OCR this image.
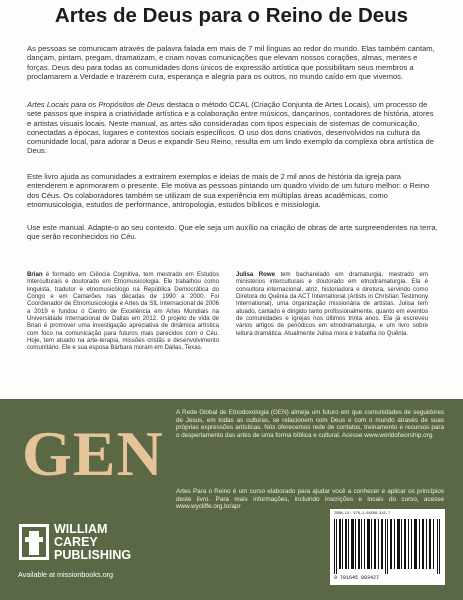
Artes de Deus para o Reino de Deus

As pessoas se comunicam através de palavra falada em mais de 7 mil línguas ao redor do mundo. Elas também cantam, dançam, pintam, pregam, dramatizam, e criam novas comunicações que elevam nossos corações, almas, mentes e forças. Deus deu para todas as comunidades dons únicos de expressão artística que possibilitam seus membros a proclamarem a Verdade e trazerem cura, esperança e alegria para os outros, no mundo caído em que vivemos.

Artes Locais para os Propósitos de Deus destaca o método CCAL (Criação Conjunta de Artes Locais), um processo de sete passos que inspira a criatividade artística e a colaboração entre músicos, dançarinos, contadores de história, atores e artistas visuais locais. Neste manual, as artes são consideradas com tipos especiais de sistemas de comunicação, conectadas a épocas, lugares e contextos sociais específicos. O uso dos dons criativos, desenvolvidos na cultura da comunidade local, para adorar a Deus e expandir Seu Reino, resulta em um lindo exemplo da complexa obra artística de Deus.

Este livro ajuda as comunidades a extrairem exemplos e ideias de mais de 2 mil anos de história da igreja para entenderem e aprimorarem o presente. Ele motiva as pessoas pintando um quadro vívido de um futuro melhor: o Reino dos Céus. Os colaboradores também se utilizam de sua experiência em múltiplas áreas acadêmicas, como etnomusicologia, estudos de performance, antropologia, estudos bíblicos e missiologia.

Use este manual. Adapte-o ao seu contexto. Que ele seja um auxílio na criação de obras de arte surpreendentes na terra, que serão reconhecidos no Céu.

Brian é formado em Ciência Cognitiva, tem mestrado em Estudos Interculturais e doutorado em Etnomusicologia. Ele trabalhou como linguista, tradutor e etnomusicólogo na República Democrática do Congo e em Camarões nas décadas de 1990 a 2000. Foi Coordenador de Etnomusicologia e Artes da SIL Internacional de 2006 a 2019 e fundou o Centro de Excelência em Artes Mundiais na Universidade Internacional de Dallas em 2012. O projeto de vida de Brian é promover uma investigação apreciativa de dinâmica artística com foco na comunicação para futuros mais parecidos com o Céu. Hoje, tem atuado na arte-terapia, missões cristãs e desenvolvimento comunitário. Ele e sua esposa Bárbara moram em Dallas, Texas.

Julisa Rowe tem bacharelado em dramaturgia, mestrado em ministérios interculturais e doutorado em etnodramaturgia. Ela é consultora internacional, atriz, historiadora e diretora, servindo como Diretora do Quênia da ACT International (Artists in Christian Testimony International), uma organização missionária de artistas. Julisa tem atuado, cantado e dirigido tanto profissionalmente, quanto em eventos de comunidades e igrejas nos últimos trinta anos. Ela já escreveu vários artigos de periódicos em etnodramaturgia, e um livro sobre leitura dramática. Atualmente Julisa mora e trabalha no Quênia.

GEN

A Rede Global de Etnodoxologia (GEN) almeja um futuro em que comunidades de seguidores de Jesus, em todas as culturas, se relacionem com Deus e com o mundo através de suas próprias expressões artísticas. Nós oferecemos rede de contatos, treinamento e recursos para o despertamento das artes de uma forma bíblica e cultural. Acesse www.worldofworship.org.

Artes Para o Reino é um curso elaborado para ajudar você a conhecer e aplicar os princípios deste livro. Para mais informações, incluindo inscrições e locais do curso, acesse www.wycliffe.org.br/apr

WILLIAM
CAREY
PUBLISHING
Available at missionbooks.org
ISBN-13: 978-1-64508-342-7
9 781645 083427
